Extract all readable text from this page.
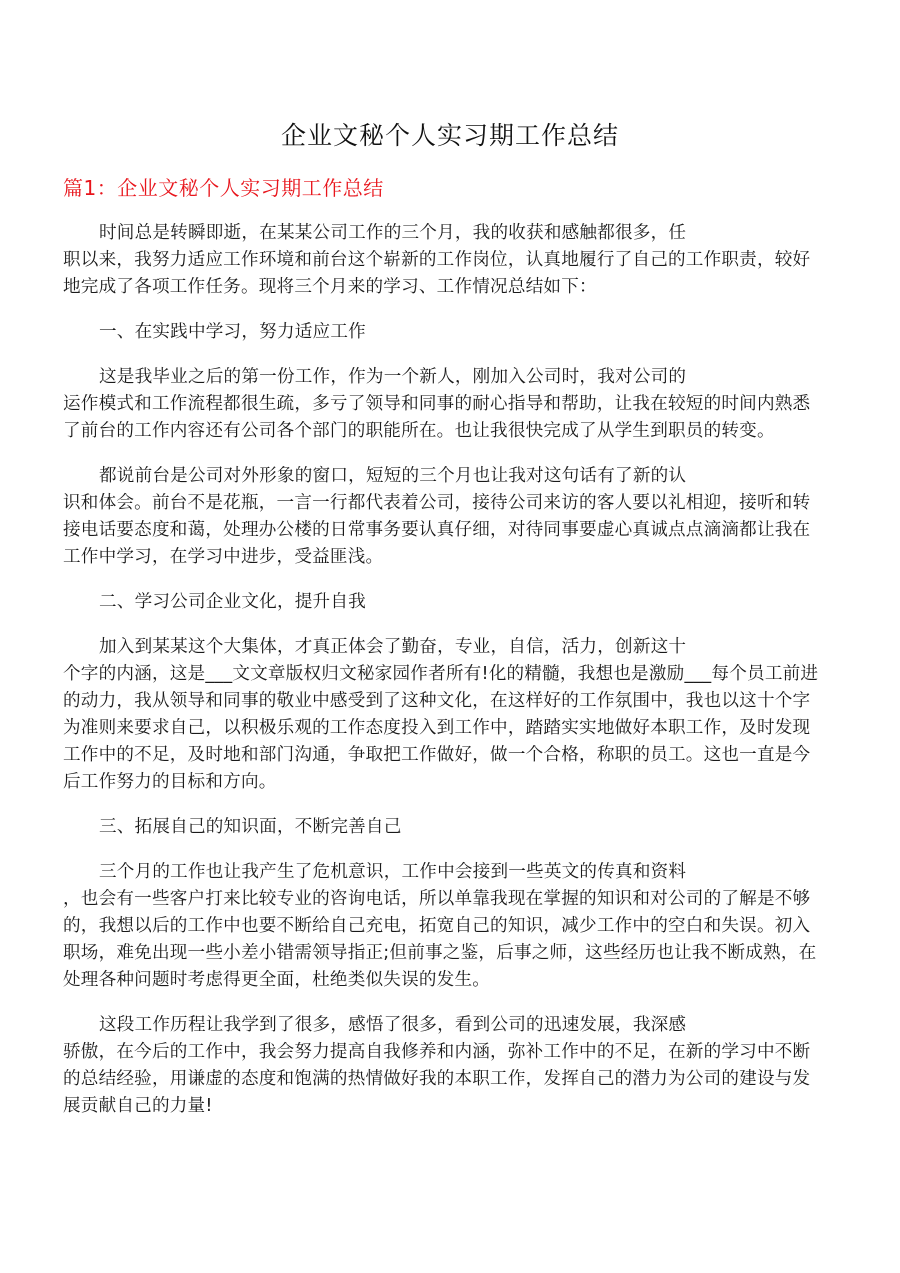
企业文秘个人实习期工作总结
篇1：企业文秘个人实习期工作总结
时间总是转瞬即逝，在某某公司工作的三个月，我的收获和感触都很多，任
职以来，我努力适应工作环境和前台这个崭新的工作岗位，认真地履行了自己的工作职责，较好
地完成了各项工作任务。现将三个月来的学习、工作情况总结如下：
一、在实践中学习，努力适应工作
这是我毕业之后的第一份工作，作为一个新人，刚加入公司时，我对公司的
运作模式和工作流程都很生疏，多亏了领导和同事的耐心指导和帮助，让我在较短的时间内熟悉
了前台的工作内容还有公司各个部门的职能所在。也让我很快完成了从学生到职员的转变。
都说前台是公司对外形象的窗口，短短的三个月也让我对这句话有了新的认
识和体会。前台不是花瓶，一言一行都代表着公司，接待公司来访的客人要以礼相迎，接听和转
接电话要态度和蔼，处理办公楼的日常事务要认真仔细，对待同事要虚心真诚点点滴滴都让我在
工作中学习，在学习中进步，受益匪浅。
二、学习公司企业文化，提升自我
加入到某某这个大集体，才真正体会了勤奋，专业，自信，活力，创新这十
个字的内涵，这是___文文章版权归文秘家园作者所有!化的精髓，我想也是激励___每个员工前进
的动力，我从领导和同事的敬业中感受到了这种文化，在这样好的工作氛围中，我也以这十个字
为准则来要求自己，以积极乐观的工作态度投入到工作中，踏踏实实地做好本职工作，及时发现
工作中的不足，及时地和部门沟通，争取把工作做好，做一个合格，称职的员工。这也一直是今
后工作努力的目标和方向。
三、拓展自己的知识面，不断完善自己
三个月的工作也让我产生了危机意识，工作中会接到一些英文的传真和资料
，也会有一些客户打来比较专业的咨询电话，所以单靠我现在掌握的知识和对公司的了解是不够
的，我想以后的工作中也要不断给自己充电，拓宽自己的知识，减少工作中的空白和失误。初入
职场，难免出现一些小差小错需领导指正;但前事之鉴，后事之师，这些经历也让我不断成熟，在
处理各种问题时考虑得更全面，杜绝类似失误的发生。
这段工作历程让我学到了很多，感悟了很多，看到公司的迅速发展，我深感
骄傲，在今后的工作中，我会努力提高自我修养和内涵，弥补工作中的不足，在新的学习中不断
的总结经验，用谦虚的态度和饱满的热情做好我的本职工作，发挥自己的潜力为公司的建设与发
展贡献自己的力量!
